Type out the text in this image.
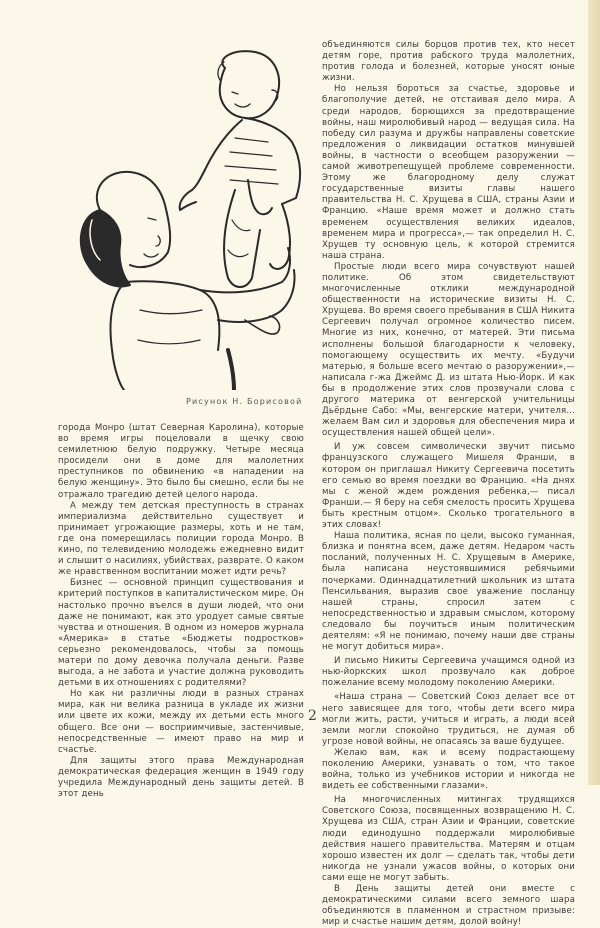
Рисунок Н. Борисовой

города Монро (штат Северная Каролина), которые во время игры поцеловали в щечку свою семилетнюю белую подружку. Четыре месяца просидели они в доме для малолетних преступников по обвинению «в нападении на белую женщину». Это было бы смешно, если бы не отражало трагедию детей целого народа.

А между тем детская преступность в странах империализма действительно существует и принимает угрожающие размеры, хоть и не там, где она померещилась полиции города Монро. В кино, по телевидению молодежь ежедневно видит и слышит о насилиях, убийствах, разврате. О каком же нравственном воспитании может идти речь?

Бизнес — основной принцип существования и критерий поступков в капиталистическом мире. Он настолько прочно въелся в души людей, что они даже не понимают, как это уродует самые святые чувства и отношения. В одном из номеров журнала «Америка» в статье «Бюджеты подростков» серьезно рекомендовалось, чтобы за помощь матери по дому девочка получала деньги. Разве выгода, а не забота и участие должна руководить детьми в их отношениях с родителями?

Но как ни различны люди в разных странах мира, как ни велика разница в укладе их жизни или цвете их кожи, между их детьми есть много общего. Все они — восприимчивые, застенчивые, непосредственные — имеют право на мир и счастье.

Для защиты этого права Международная демократическая федерация женщин в 1949 году учредила Международный день защиты детей. В этот день

объединяются силы борцов против тех, кто несет детям горе, против рабского труда малолетних, против голода и болезней, которые уносят юные жизни.

Но нельзя бороться за счастье, здоровье и благополучие детей, не отстаивая дело мира. А среди народов, борющихся за предотвращение войны, наш миролюбивый народ — ведущая сила. На победу сил разума и дружбы направлены советские предложения о ликвидации остатков минувшей войны, в частности о всеобщем разоружении — самой животрепещущей проблеме современности. Этому же благородному делу служат государственные визиты главы нашего правительства Н. С. Хрущева в США, страны Азии и Францию. «Наше время может и должно стать временем осуществления великих идеалов, временем мира и прогресса»,— так определил Н. С. Хрущев ту основную цель, к которой стремится наша страна.

Простые люди всего мира сочувствуют нашей политике. Об этом свидетельствуют многочисленные отклики международной общественности на исторические визиты Н. С. Хрущева. Во время своего пребывания в США Никита Сергеевич получал огромное количество писем. Многие из них, конечно, от матерей. Эти письма исполнены большой благодарности к человеку, помогающему осуществить их мечту. «Будучи матерью, я больше всего мечтаю о разоружении»,— написала г-жа Джеймс Д. из штата Нью-Йорк. И как бы в продолжение этих слов прозвучали слова с другого материка от венгерской учительницы Дьёрдьне Сабо: «Мы, венгерские матери, учителя... желаем Вам сил и здоровья для обеспечения мира и осуществления нашей общей цели».

И уж совсем символически звучит письмо французского служащего Мишеля Франши, в котором он приглашал Никиту Сергеевича посетить его семью во время поездки во Францию. «На днях мы с женой ждем рождения ребенка,— писал Франши.— Я беру на себя смелость просить Хрущева быть крестным отцом». Сколько трогательного в этих словах!

Наша политика, ясная по цели, высоко гуманная, близка и понятна всем, даже детям. Недаром часть посланий, полученных Н. С. Хрущевым в Америке, была написана неустоявшимися ребячьими почерками. Одиннадцатилетний школьник из штата Пенсильвания, выразив свое уважение посланцу нашей страны, спросил затем с непосредственностью и здравым смыслом, которому следовало бы поучиться иным политическим деятелям: «Я не понимаю, почему наши две страны не могут добиться мира».

И письмо Никиты Сергеевича учащимся одной из нью-йоркских школ прозвучало как доброе пожелание всему молодому поколению Америки.

«Наша страна — Советский Союз делает все от него зависящее для того, чтобы дети всего мира могли жить, расти, учиться и играть, а люди всей земли могли спокойно трудиться, не думая об угрозе новой войны, не опасаясь за ваше будущее.

Желаю вам, как и всему подрастающему поколению Америки, узнавать о том, что такое война, только из учебников истории и никогда не видеть ее собственными глазами».

На многочисленных митингах трудящихся Советского Союза, посвященных возвращению Н. С. Хрущева из США, стран Азии и Франции, советские люди единодушно поддержали миролюбивые действия нашего правительства. Матерям и отцам хорошо известен их долг — сделать так, чтобы дети никогда не узнали ужасов войны, о которых они сами еще не могут забыть.

В День защиты детей они вместе с демократическими силами всего земного шара объединяются в пламенном и страстном призыве: мир и счастье нашим детям, долой войну!

2
